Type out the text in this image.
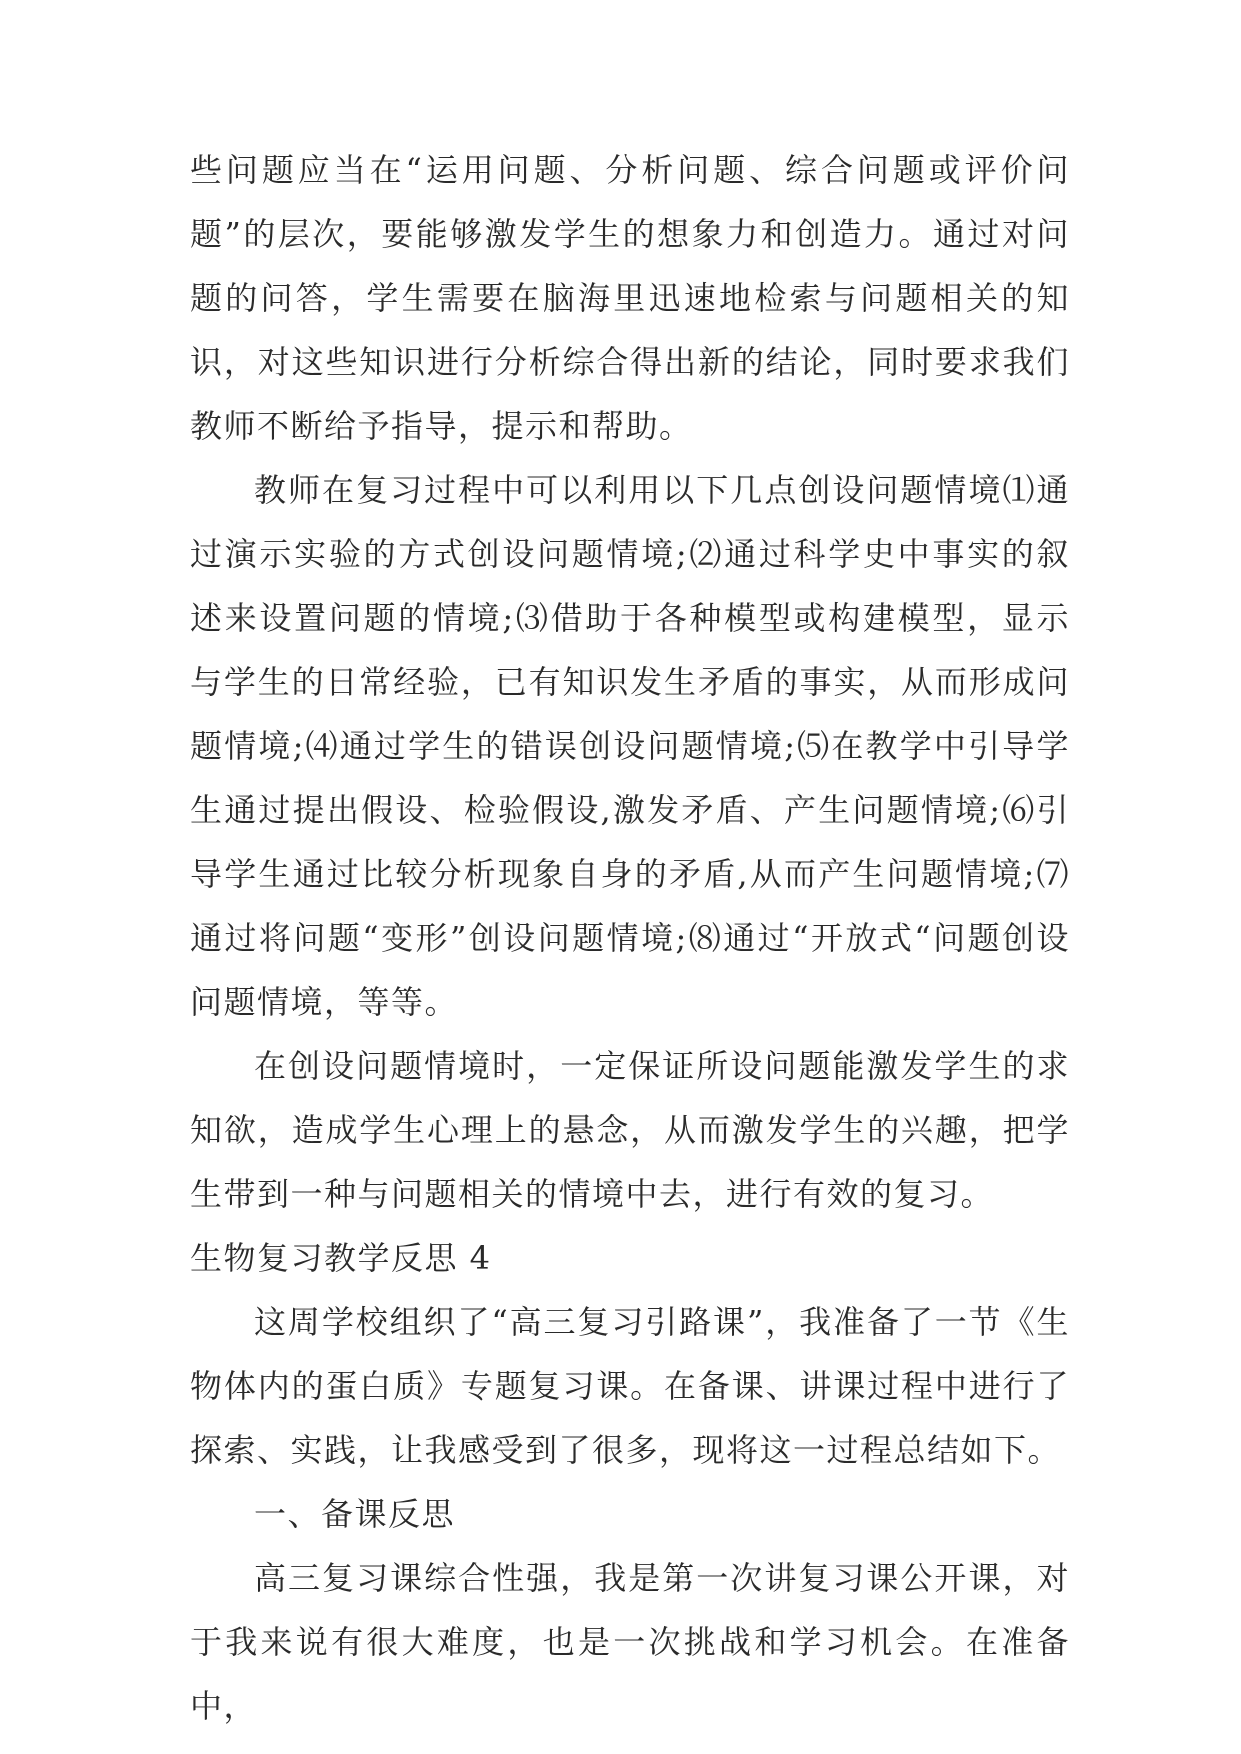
些问题应当在“运用问题、分析问题、综合问题或评价问题”的层次，要能够激发学生的想象力和创造力。通过对问题的问答，学生需要在脑海里迅速地检索与问题相关的知识，对这些知识进行分析综合得出新的结论，同时要求我们教师不断给予指导，提示和帮助。

教师在复习过程中可以利用以下几点创设问题情境⑴通过演示实验的方式创设问题情境;⑵通过科学史中事实的叙述来设置问题的情境;⑶借助于各种模型或构建模型，显示与学生的日常经验，已有知识发生矛盾的事实，从而形成问题情境;⑷通过学生的错误创设问题情境;⑸在教学中引导学生通过提出假设、检验假设,激发矛盾、产生问题情境;⑹引导学生通过比较分析现象自身的矛盾,从而产生问题情境;⑺通过将问题“变形”创设问题情境;⑻通过“开放式“问题创设问题情境，等等。

在创设问题情境时，一定保证所设问题能激发学生的求知欲，造成学生心理上的悬念，从而激发学生的兴趣，把学生带到一种与问题相关的情境中去，进行有效的复习。

生物复习教学反思 4

这周学校组织了“高三复习引路课”，我准备了一节《生物体内的蛋白质》专题复习课。在备课、讲课过程中进行了探索、实践，让我感受到了很多，现将这一过程总结如下。

一、备课反思

高三复习课综合性强，我是第一次讲复习课公开课，对于我来说有很大难度，也是一次挑战和学习机会。在准备中，
